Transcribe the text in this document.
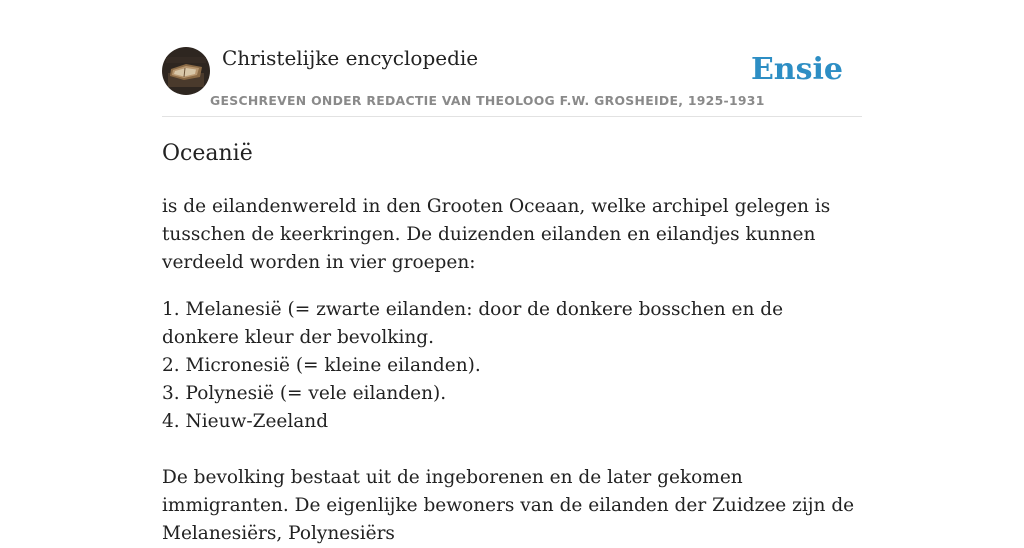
Christelijke encyclopedie
GESCHREVEN ONDER REDACTIE VAN THEOLOOG F.W. GROSHEIDE, 1925-1931
Ensie
Oceanië

is de eilandenwereld in den Grooten Oceaan, welke archipel gelegen is tusschen de keerkringen. De duizenden eilanden en eilandjes kunnen verdeeld worden in vier groepen:

1. Melanesië (= zwarte eilanden: door de donkere bosschen en de donkere kleur der bevolking.
2. Micronesië (= kleine eilanden).
3. Polynesië (= vele eilanden).
4. Nieuw-Zeeland

De bevolking bestaat uit de ingeborenen en de later gekomen immigranten. De eigenlijke bewoners van de eilanden der Zuidzee zijn de Melanesiërs, Polynesiërs
